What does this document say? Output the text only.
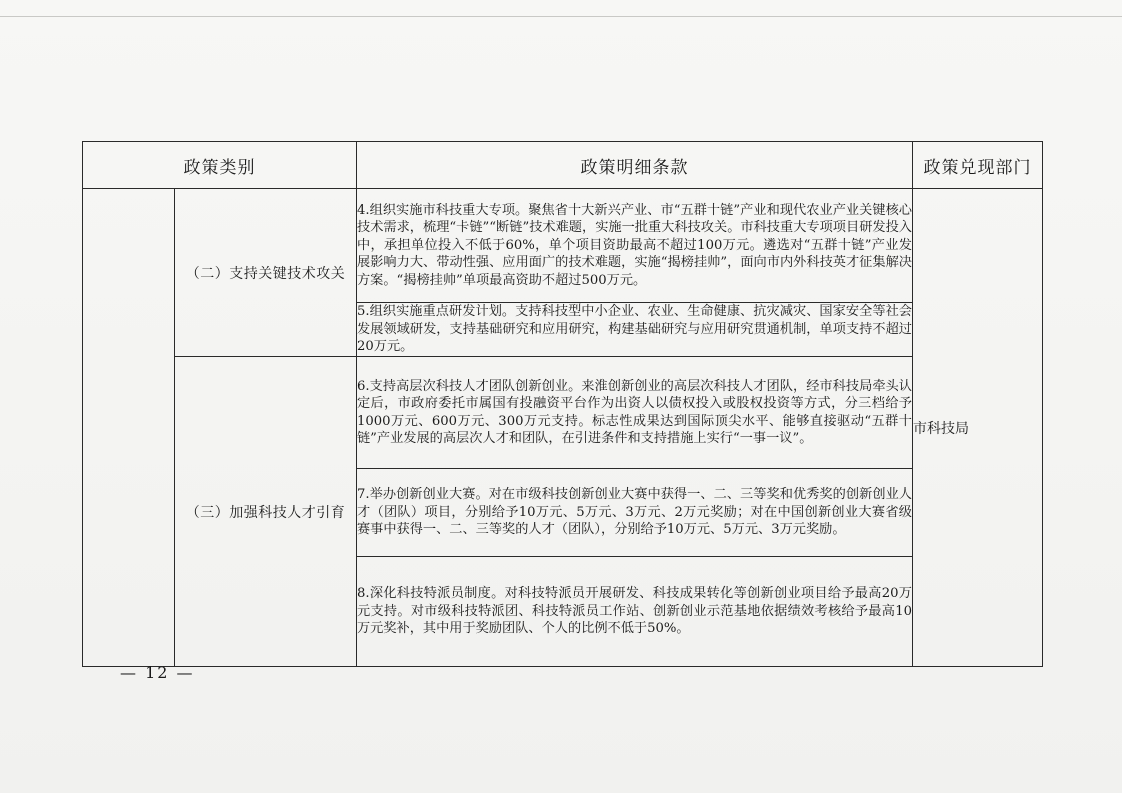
政策类别		政策明细条款	政策兑现部门
	（二）支持关键技术攻关	4.组织实施市科技重大专项。聚焦省十大新兴产业、市“五群十链”产业和现代农业产业关键核心技术需求，梳理“卡链”“断链”技术难题，实施一批重大科技攻关。市科技重大专项项目研发投入中，承担单位投入不低于60%，单个项目资助最高不超过100万元。遴选对“五群十链”产业发展影响力大、带动性强、应用面广的技术难题，实施“揭榜挂帅”，面向市内外科技英才征集解决方案。“揭榜挂帅”单项最高资助不超过500万元。	市科技局
		5.组织实施重点研发计划。支持科技型中小企业、农业、生命健康、抗灾减灾、国家安全等社会发展领域研发，支持基础研究和应用研究，构建基础研究与应用研究贯通机制，单项支持不超过20万元。	
	（三）加强科技人才引育	6.支持高层次科技人才团队创新创业。来淮创新创业的高层次科技人才团队，经市科技局牵头认定后，市政府委托市属国有投融资平台作为出资人以债权投入或股权投资等方式，分三档给予1000万元、600万元、300万元支持。标志性成果达到国际顶尖水平、能够直接驱动“五群十链”产业发展的高层次人才和团队，在引进条件和支持措施上实行“一事一议”。	
		7.举办创新创业大赛。对在市级科技创新创业大赛中获得一、二、三等奖和优秀奖的创新创业人才（团队）项目，分别给予10万元、5万元、3万元、2万元奖励；对在中国创新创业大赛省级赛事中获得一、二、三等奖的人才（团队），分别给予10万元、5万元、3万元奖励。	
		8.深化科技特派员制度。对科技特派员开展研发、科技成果转化等创新创业项目给予最高20万元支持。对市级科技特派团、科技特派员工作站、创新创业示范基地依据绩效考核给予最高10万元奖补，其中用于奖励团队、个人的比例不低于50%。	
— 12 —
